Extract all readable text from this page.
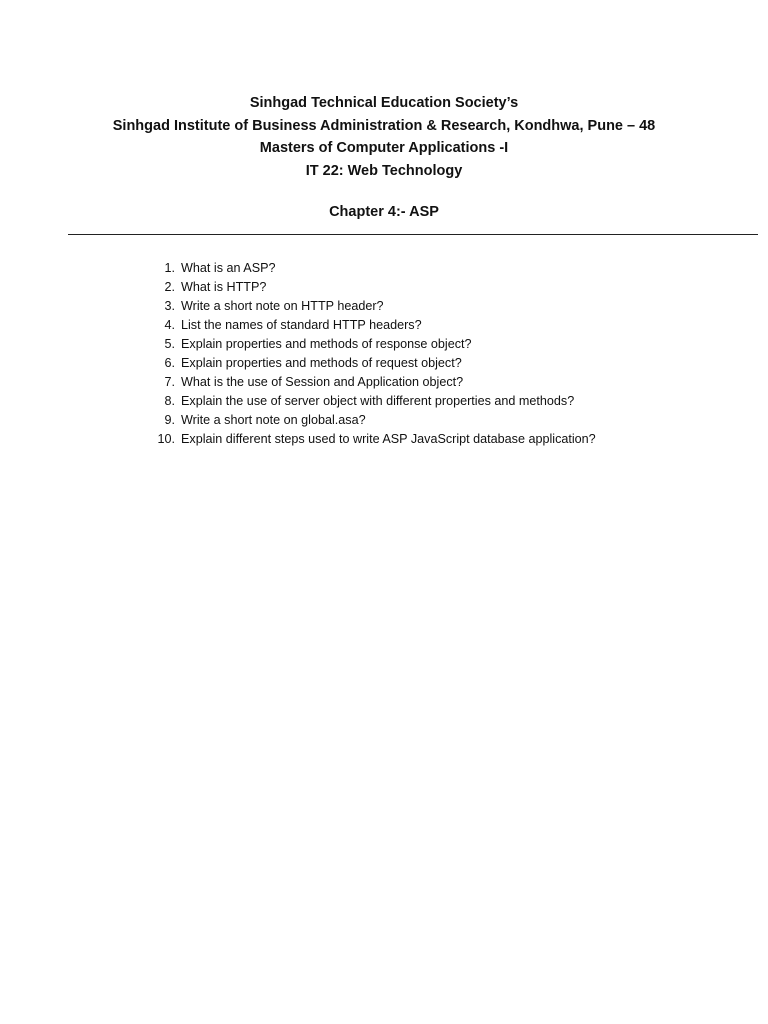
Sinhgad Technical Education Society’s
Sinhgad Institute of Business Administration & Research, Kondhwa, Pune – 48
Masters of Computer Applications -I
IT 22: Web Technology
Chapter 4:- ASP
1. What is an ASP?
2. What is HTTP?
3. Write a short note on HTTP header?
4. List the names of standard HTTP headers?
5. Explain properties and methods of response object?
6. Explain properties and methods of request object?
7. What is the use of Session and Application object?
8. Explain the use of server object with different properties and methods?
9. Write a short note on global.asa?
10. Explain different steps used to write ASP JavaScript database application?
